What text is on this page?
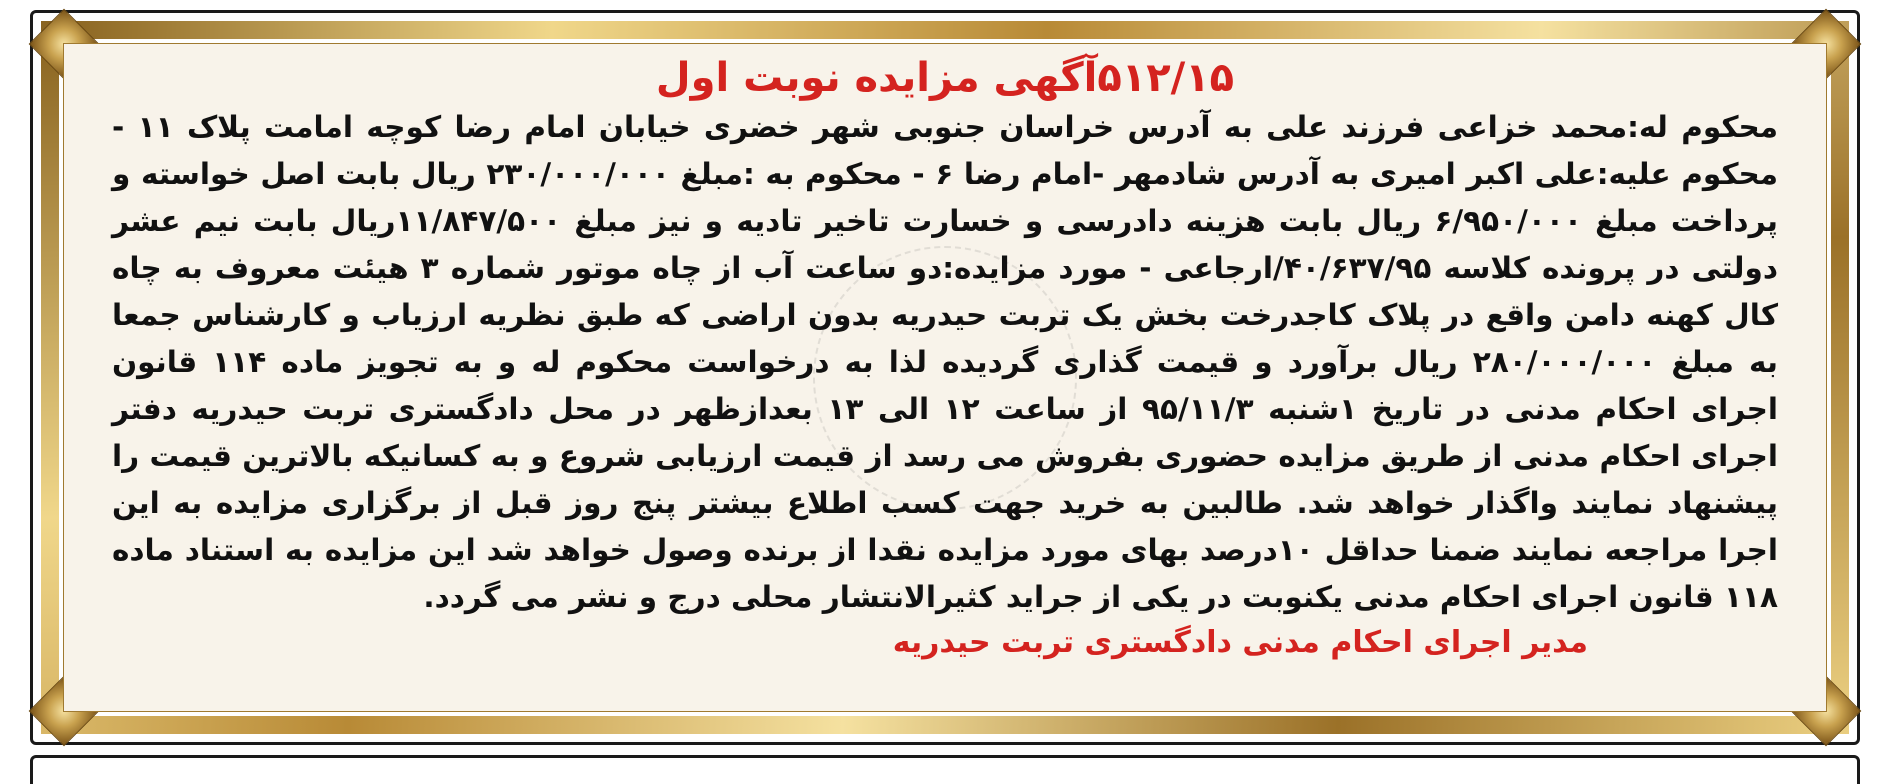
۵۱۲/۱۵آگهی مزایده نوبت اول

محکوم له:محمد خزاعی فرزند علی به آدرس خراسان جنوبی شهر خضری خیابان امام رضا کوچه امامت پلاک ۱۱ - محکوم علیه:علی اکبر امیری به آدرس شادمهر -امام رضا ۶ - محکوم به :مبلغ ۲۳۰/۰۰۰/۰۰۰ ریال بابت اصل خواسته و پرداخت مبلغ ۶/۹۵۰/۰۰۰ ریال بابت هزینه دادرسی و خسارت تاخیر تادیه و نیز مبلغ ۱۱/۸۴۷/۵۰۰ریال بابت نیم عشر دولتی در پرونده کلاسه ۴۰/۶۳۷/۹۵/ارجاعی - مورد مزایده:دو ساعت آب از چاه موتور شماره ۳ هیئت معروف به چاه کال کهنه دامن واقع در پلاک کاجدرخت بخش یک تربت حیدریه بدون اراضی که طبق نظریه ارزیاب و کارشناس جمعا به مبلغ ۲۸۰/۰۰۰/۰۰۰ ریال برآورد و قیمت گذاری گردیده لذا به درخواست محکوم له و به تجویز ماده ۱۱۴ قانون اجرای احکام مدنی در تاریخ ۱شنبه ۹۵/۱۱/۳ از ساعت ۱۲ الی ۱۳ بعدازظهر در محل دادگستری تربت حیدریه دفتر اجرای احکام مدنی از طریق مزایده حضوری بفروش می رسد از قیمت ارزیابی شروع و به کسانیکه بالاترین قیمت را پیشنهاد نمایند واگذار خواهد شد. طالبین به خرید جهت کسب اطلاع بیشتر پنج روز قبل از برگزاری مزایده به این اجرا مراجعه نمایند ضمنا حداقل ۱۰درصد بهای مورد مزایده نقدا از برنده وصول خواهد شد این مزایده به استناد ماده ۱۱۸ قانون اجرای احکام مدنی یکنوبت در یکی از جراید کثیرالانتشار محلی درج و نشر می گردد.

مدیر اجرای احکام مدنی دادگستری تربت حیدریه
